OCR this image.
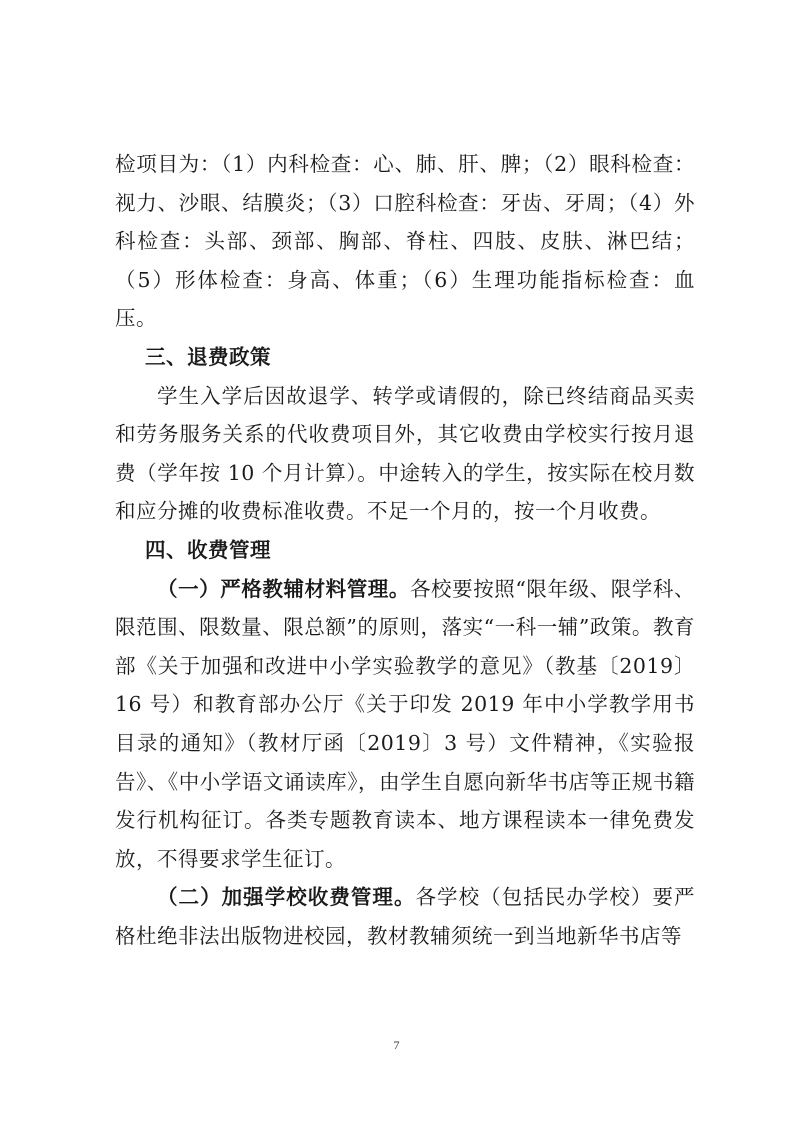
检项目为：（1）内科检查：心、肺、肝、脾；（2）眼科检查：视力、沙眼、结膜炎；（3）口腔科检查：牙齿、牙周；（4）外科检查：头部、颈部、胸部、脊柱、四肢、皮肤、淋巴结；（5）形体检查：身高、体重；（6）生理功能指标检查：血压。

三、退费政策

学生入学后因故退学、转学或请假的，除已终结商品买卖和劳务服务关系的代收费项目外，其它收费由学校实行按月退费（学年按 10 个月计算）。中途转入的学生，按实际在校月数和应分摊的收费标准收费。不足一个月的，按一个月收费。

四、收费管理

（一）严格教辅材料管理。各校要按照“限年级、限学科、限范围、限数量、限总额”的原则，落实“一科一辅”政策。教育部《关于加强和改进中小学实验教学的意见》（教基〔2019〕16 号）和教育部办公厅《关于印发 2019 年中小学教学用书目录的通知》（教材厅函〔2019〕3 号）文件精神，《实验报告》、《中小学语文诵读库》，由学生自愿向新华书店等正规书籍发行机构征订。各类专题教育读本、地方课程读本一律免费发放，不得要求学生征订。

（二）加强学校收费管理。各学校（包括民办学校）要严格杜绝非法出版物进校园，教材教辅须统一到当地新华书店等

7
